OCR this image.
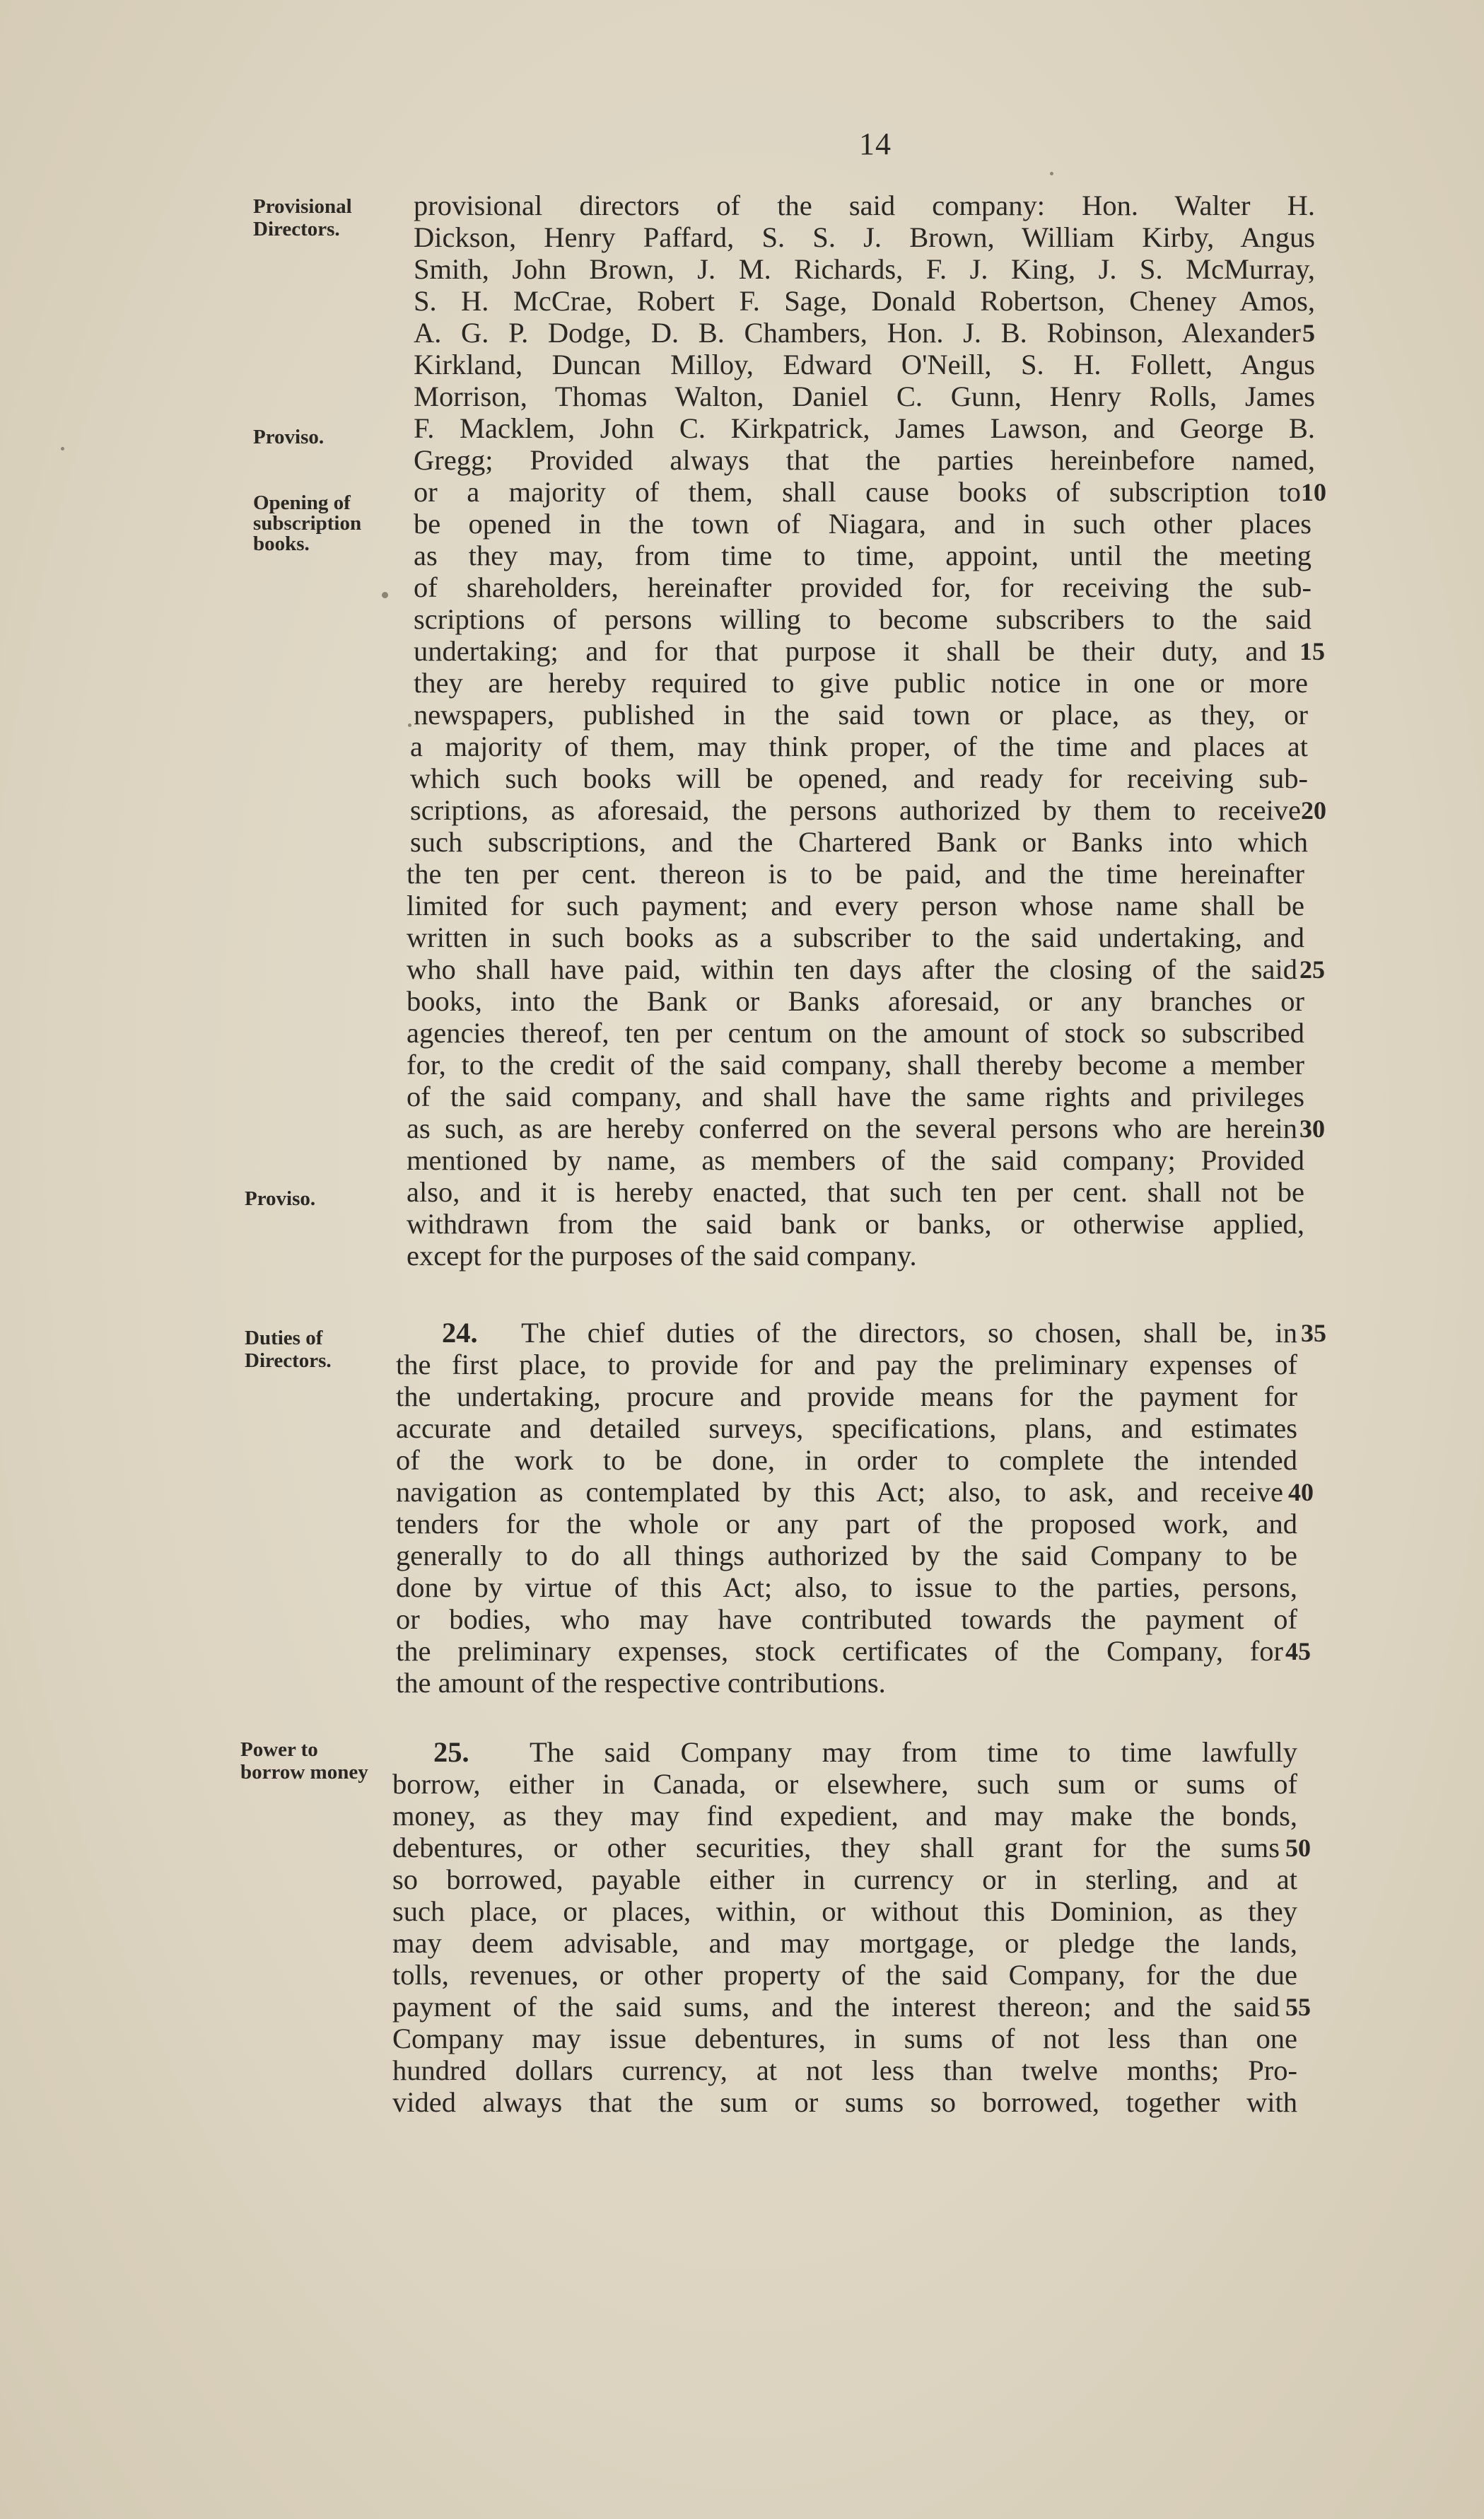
14
Provisional
Directors.
Proviso.
Opening of
subscription
books.
Proviso.
Duties of
Directors.
Power to
borrow money
provisional directors of the said company: Hon. Walter H.
Dickson, Henry Paffard, S. S. J. Brown, William Kirby, Angus
Smith, John Brown, J. M. Richards, F. J. King, J. S. McMurray,
S. H. McCrae, Robert F. Sage, Donald Robertson, Cheney Amos,
A. G. P. Dodge, D. B. Chambers, Hon. J. B. Robinson, Alexander
Kirkland, Duncan Milloy, Edward O'Neill, S. H. Follett, Angus
Morrison, Thomas Walton, Daniel C. Gunn, Henry Rolls, James
F. Macklem, John C. Kirkpatrick, James Lawson, and George B.
Gregg; Provided always that the parties hereinbefore named,
or a majority of them, shall cause books of subscription to
be opened in the town of Niagara, and in such other places
as they may, from time to time, appoint, until the meeting
of shareholders, hereinafter provided for, for receiving the sub-
scriptions of persons willing to become subscribers to the said
undertaking; and for that purpose it shall be their duty, and
they are hereby required to give public notice in one or more
newspapers, published in the said town or place, as they, or
a majority of them, may think proper, of the time and places at
which such books will be opened, and ready for receiving sub-
scriptions, as aforesaid, the persons authorized by them to receive
such subscriptions, and the Chartered Bank or Banks into which
the ten per cent. thereon is to be paid, and the time hereinafter
limited for such payment; and every person whose name shall be
written in such books as a subscriber to the said undertaking, and
who shall have paid, within ten days after the closing of the said
books, into the Bank or Banks aforesaid, or any branches or
agencies thereof, ten per centum on the amount of stock so subscribed
for, to the credit of the said company, shall thereby become a member
of the said company, and shall have the same rights and privileges
as such, as are hereby conferred on the several persons who are herein
mentioned by name, as members of the said company; Provided
also, and it is hereby enacted, that such ten per cent. shall not be
withdrawn from the said bank or banks, or otherwise applied,
except for the purposes of the said company.
24. The chief duties of the directors, so chosen, shall be, in
the first place, to provide for and pay the preliminary expenses of
the undertaking, procure and provide means for the payment for
accurate and detailed surveys, specifications, plans, and estimates
of the work to be done, in order to complete the intended
navigation as contemplated by this Act; also, to ask, and receive
tenders for the whole or any part of the proposed work, and
generally to do all things authorized by the said Company to be
done by virtue of this Act; also, to issue to the parties, persons,
or bodies, who may have contributed towards the payment of
the preliminary expenses, stock certificates of the Company, for
the amount of the respective contributions.
25. The said Company may from time to time lawfully
borrow, either in Canada, or elsewhere, such sum or sums of
money, as they may find expedient, and may make the bonds,
debentures, or other securities, they shall grant for the sums
so borrowed, payable either in currency or in sterling, and at
such place, or places, within, or without this Dominion, as they
may deem advisable, and may mortgage, or pledge the lands,
tolls, revenues, or other property of the said Company, for the due
payment of the said sums, and the interest thereon; and the said
Company may issue debentures, in sums of not less than one
hundred dollars currency, at not less than twelve months; Pro-
vided always that the sum or sums so borrowed, together with
5
10
15
20
25
30
35
40
45
50
55
